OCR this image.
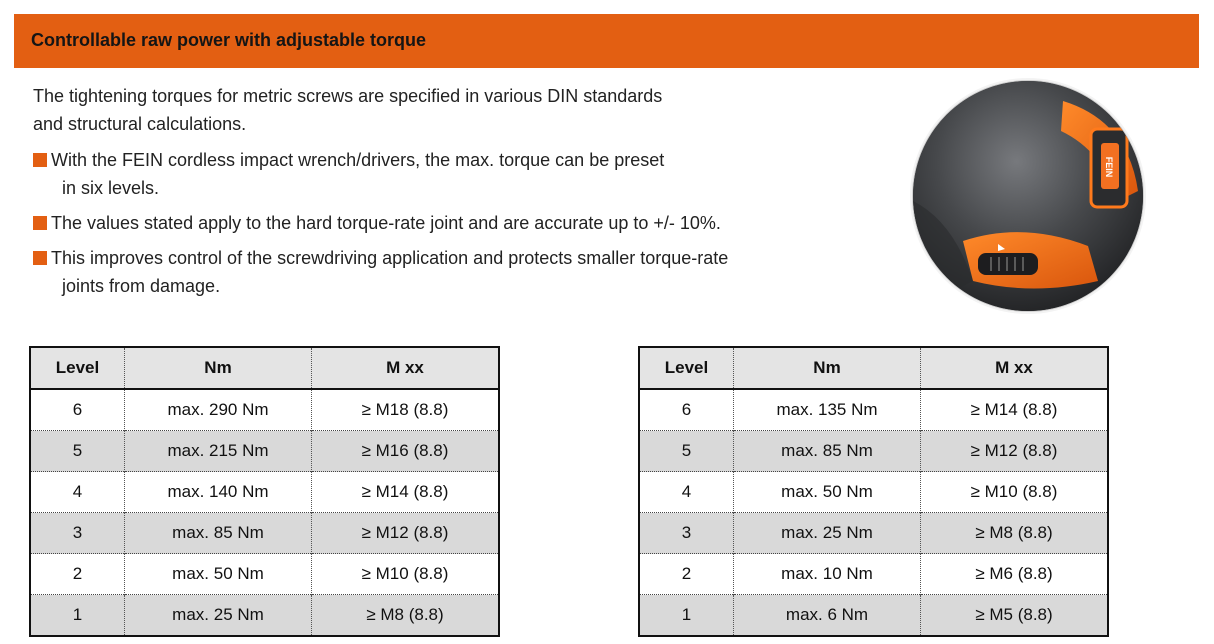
Controllable raw power with adjustable torque
The tightening torques for metric screws are specified in various DIN standards
and structural calculations.
With the FEIN cordless impact wrench/drivers, the max. torque can be preset
in six levels.
The values stated apply to the hard torque-rate joint and are accurate up to +/- 10%.
This improves control of the screwdriving application and protects smaller torque-rate
joints from damage.
FEIN
Level	Nm	M xx
6	max. 290 Nm	≥ M18 (8.8)
5	max. 215 Nm	≥ M16 (8.8)
4	max. 140 Nm	≥ M14 (8.8)
3	max. 85 Nm	≥ M12 (8.8)
2	max. 50 Nm	≥ M10 (8.8)
1	max. 25 Nm	≥ M8 (8.8)
Level	Nm	M xx
6	max. 135 Nm	≥ M14 (8.8)
5	max. 85 Nm	≥ M12 (8.8)
4	max. 50 Nm	≥ M10 (8.8)
3	max. 25 Nm	≥ M8 (8.8)
2	max. 10 Nm	≥ M6 (8.8)
1	max. 6 Nm	≥ M5 (8.8)
